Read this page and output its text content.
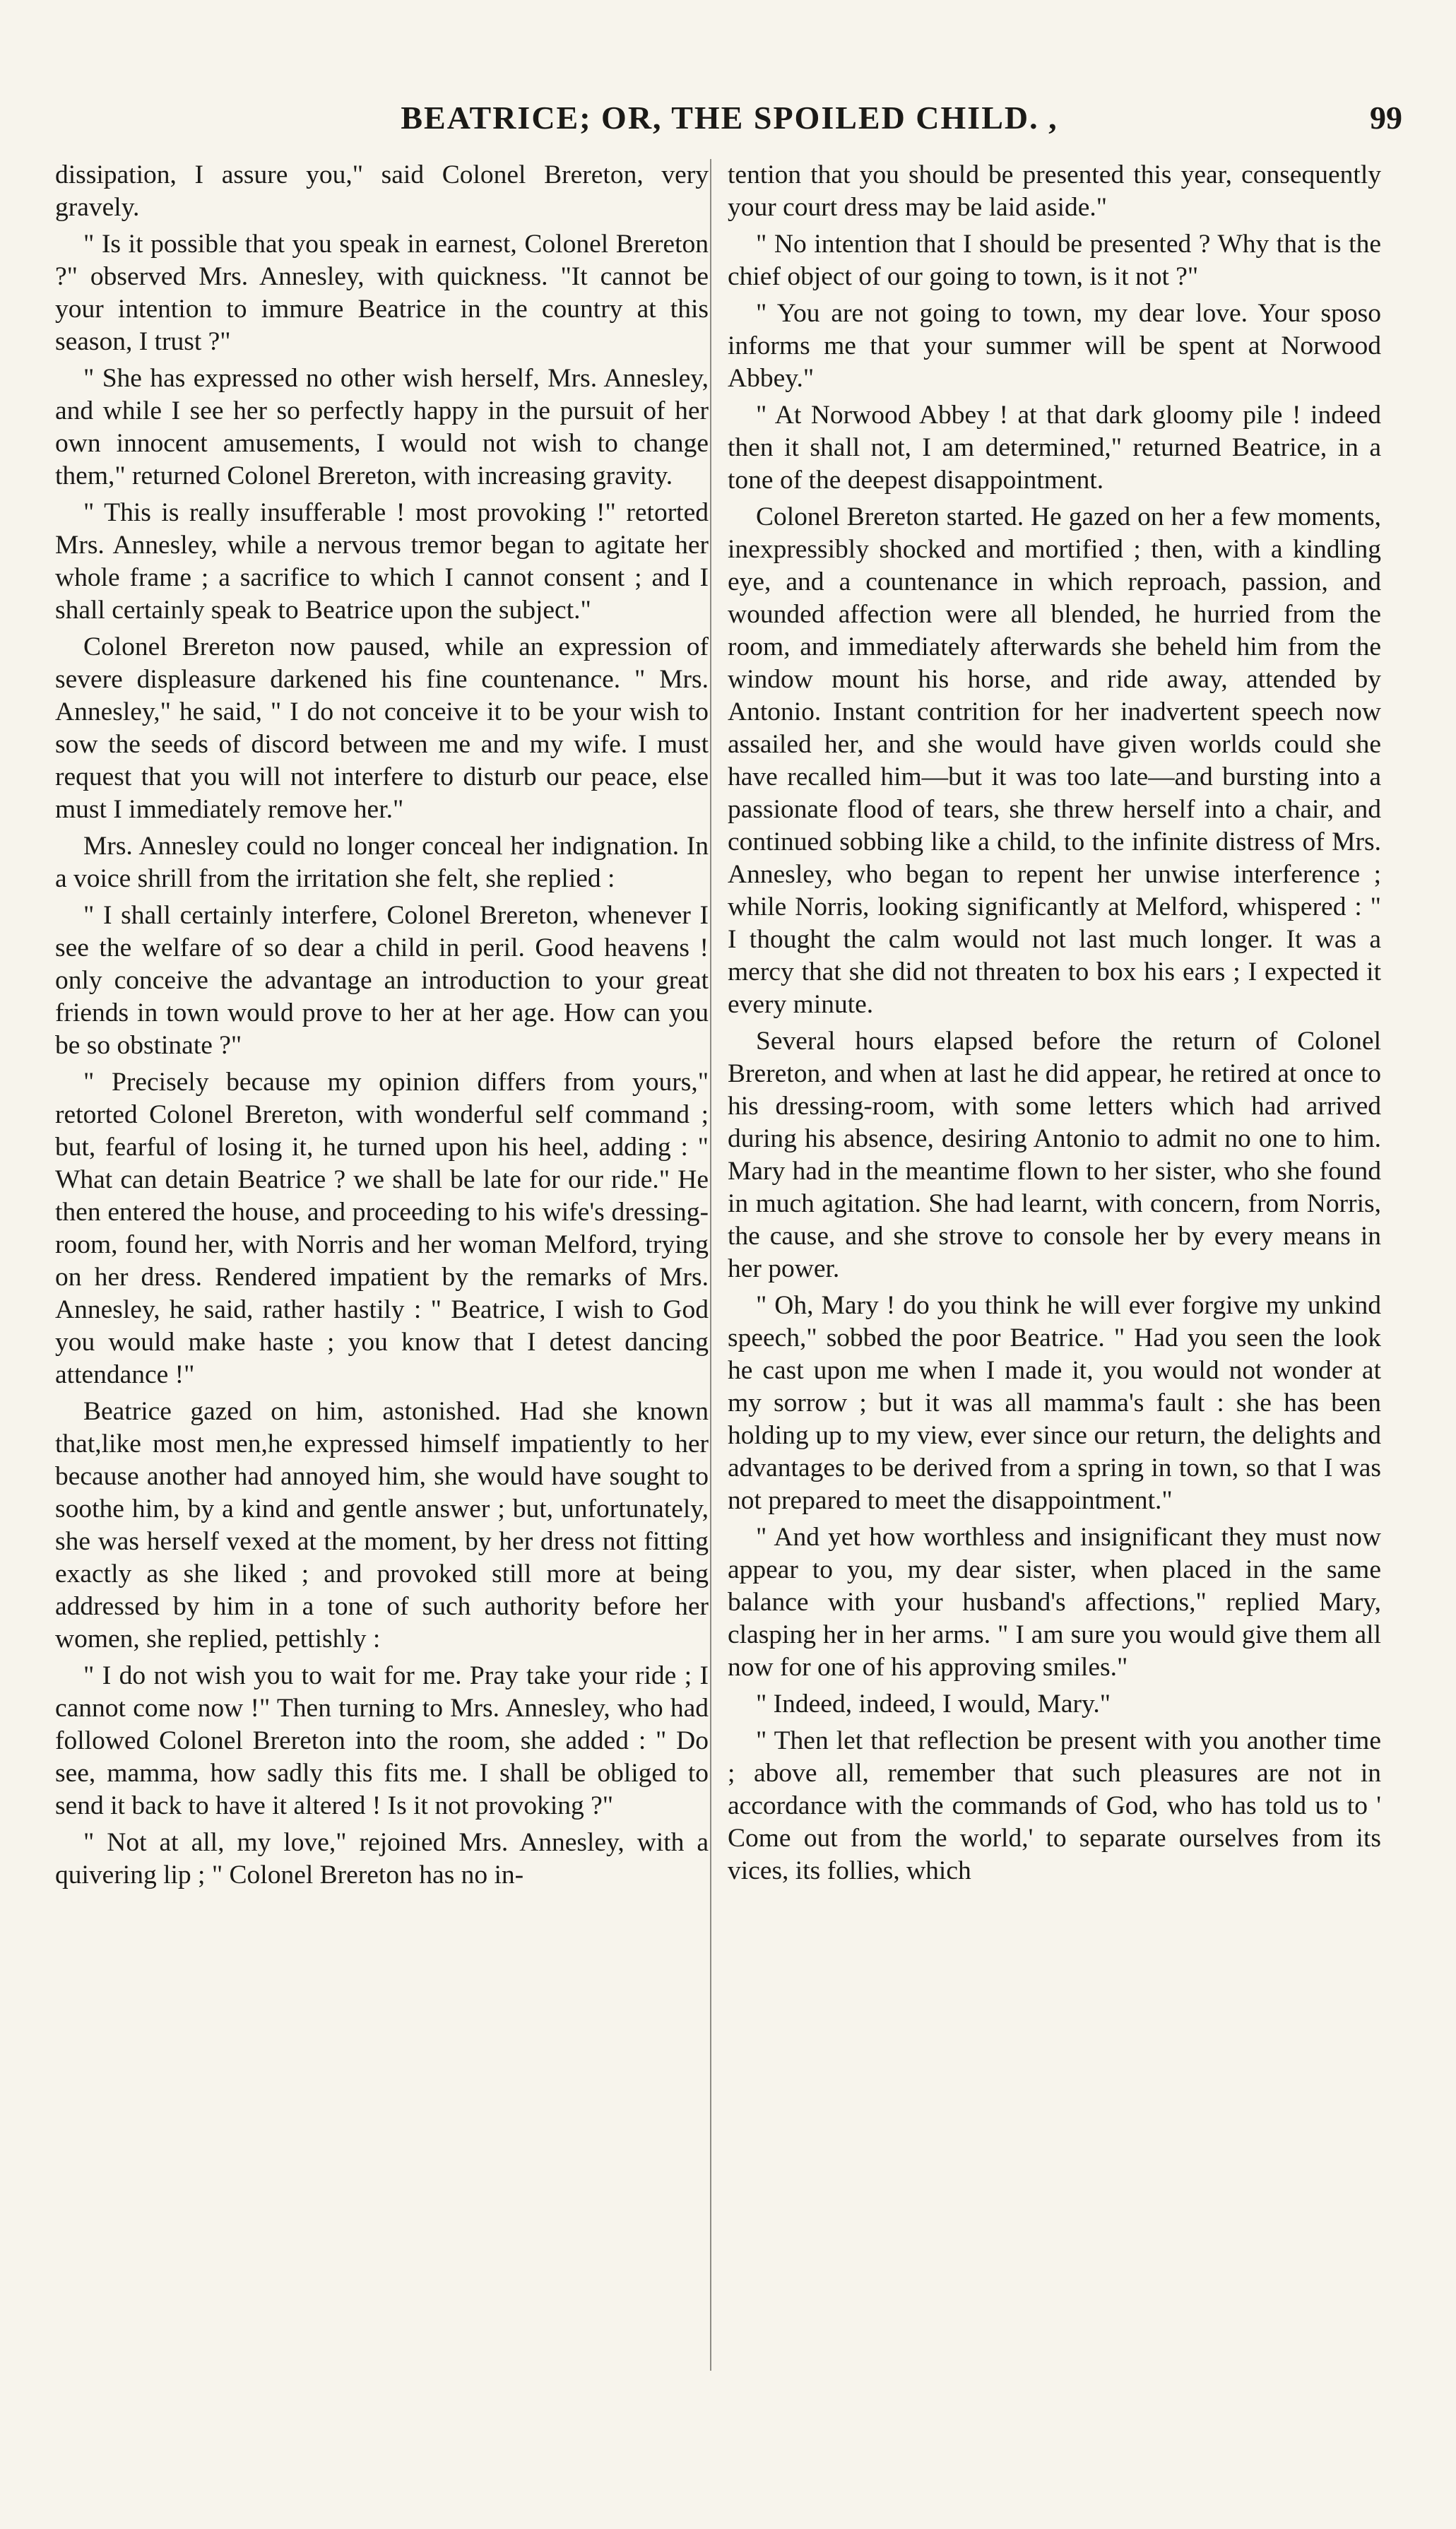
BEATRICE; OR, THE SPOILED CHILD. ,	99

dissipation, I assure you," said Colonel Brereton, very gravely.

" Is it possible that you speak in earnest, Colonel Brereton ?" observed Mrs. Annesley, with quickness. "It cannot be your intention to immure Beatrice in the country at this season, I trust ?"

" She has expressed no other wish herself, Mrs. Annesley, and while I see her so perfectly happy in the pursuit of her own innocent amusements, I would not wish to change them," returned Colonel Brereton, with increasing gravity.

" This is really insufferable ! most provoking !" retorted Mrs. Annesley, while a nervous tremor began to agitate her whole frame ; a sacrifice to which I cannot consent ; and I shall certainly speak to Beatrice upon the subject."

Colonel Brereton now paused, while an expression of severe displeasure darkened his fine countenance. " Mrs. Annesley," he said, " I do not conceive it to be your wish to sow the seeds of discord between me and my wife. I must request that you will not interfere to disturb our peace, else must I immediately remove her."

Mrs. Annesley could no longer conceal her indignation. In a voice shrill from the irritation she felt, she replied :

" I shall certainly interfere, Colonel Brereton, whenever I see the welfare of so dear a child in peril. Good heavens ! only conceive the advantage an introduction to your great friends in town would prove to her at her age. How can you be so obstinate ?"

" Precisely because my opinion differs from yours," retorted Colonel Brereton, with wonderful self command ; but, fearful of losing it, he turned upon his heel, adding : " What can detain Beatrice ? we shall be late for our ride." He then entered the house, and proceeding to his wife's dressing-room, found her, with Norris and her woman Melford, trying on her dress. Rendered impatient by the remarks of Mrs. Annesley, he said, rather hastily : " Beatrice, I wish to God you would make haste ; you know that I detest dancing attendance !"

Beatrice gazed on him, astonished. Had she known that,like most men,he expressed himself impatiently to her because another had annoyed him, she would have sought to soothe him, by a kind and gentle answer ; but, unfortunately, she was herself vexed at the moment, by her dress not fitting exactly as she liked ; and provoked still more at being addressed by him in a tone of such authority before her women, she replied, pettishly :

" I do not wish you to wait for me. Pray take your ride ; I cannot come now !" Then turning to Mrs. Annesley, who had followed Colonel Brereton into the room, she added : " Do see, mamma, how sadly this fits me. I shall be obliged to send it back to have it altered ! Is it not provoking ?"

" Not at all, my love," rejoined Mrs. Annesley, with a quivering lip ; " Colonel Brereton has no in-

tention that you should be presented this year, consequently your court dress may be laid aside."

" No intention that I should be presented ? Why that is the chief object of our going to town, is it not ?"

" You are not going to town, my dear love. Your sposo informs me that your summer will be spent at Norwood Abbey."

" At Norwood Abbey ! at that dark gloomy pile ! indeed then it shall not, I am determined," returned Beatrice, in a tone of the deepest disappointment.

Colonel Brereton started. He gazed on her a few moments, inexpressibly shocked and mortified ; then, with a kindling eye, and a countenance in which reproach, passion, and wounded affection were all blended, he hurried from the room, and immediately afterwards she beheld him from the window mount his horse, and ride away, attended by Antonio. Instant contrition for her inadvertent speech now assailed her, and she would have given worlds could she have recalled him—but it was too late—and bursting into a passionate flood of tears, she threw herself into a chair, and continued sobbing like a child, to the infinite distress of Mrs. Annesley, who began to repent her unwise interference ; while Norris, looking significantly at Melford, whispered : " I thought the calm would not last much longer. It was a mercy that she did not threaten to box his ears ; I expected it every minute.

Several hours elapsed before the return of Colonel Brereton, and when at last he did appear, he retired at once to his dressing-room, with some letters which had arrived during his absence, desiring Antonio to admit no one to him. Mary had in the meantime flown to her sister, who she found in much agitation. She had learnt, with concern, from Norris, the cause, and she strove to console her by every means in her power.

" Oh, Mary ! do you think he will ever forgive my unkind speech," sobbed the poor Beatrice. " Had you seen the look he cast upon me when I made it, you would not wonder at my sorrow ; but it was all mamma's fault : she has been holding up to my view, ever since our return, the delights and advantages to be derived from a spring in town, so that I was not prepared to meet the disappointment."

" And yet how worthless and insignificant they must now appear to you, my dear sister, when placed in the same balance with your husband's affections," replied Mary, clasping her in her arms. " I am sure you would give them all now for one of his approving smiles."

" Indeed, indeed, I would, Mary."

" Then let that reflection be present with you another time ; above all, remember that such pleasures are not in accordance with the commands of God, who has told us to ' Come out from the world,' to separate ourselves from its vices, its follies, which
